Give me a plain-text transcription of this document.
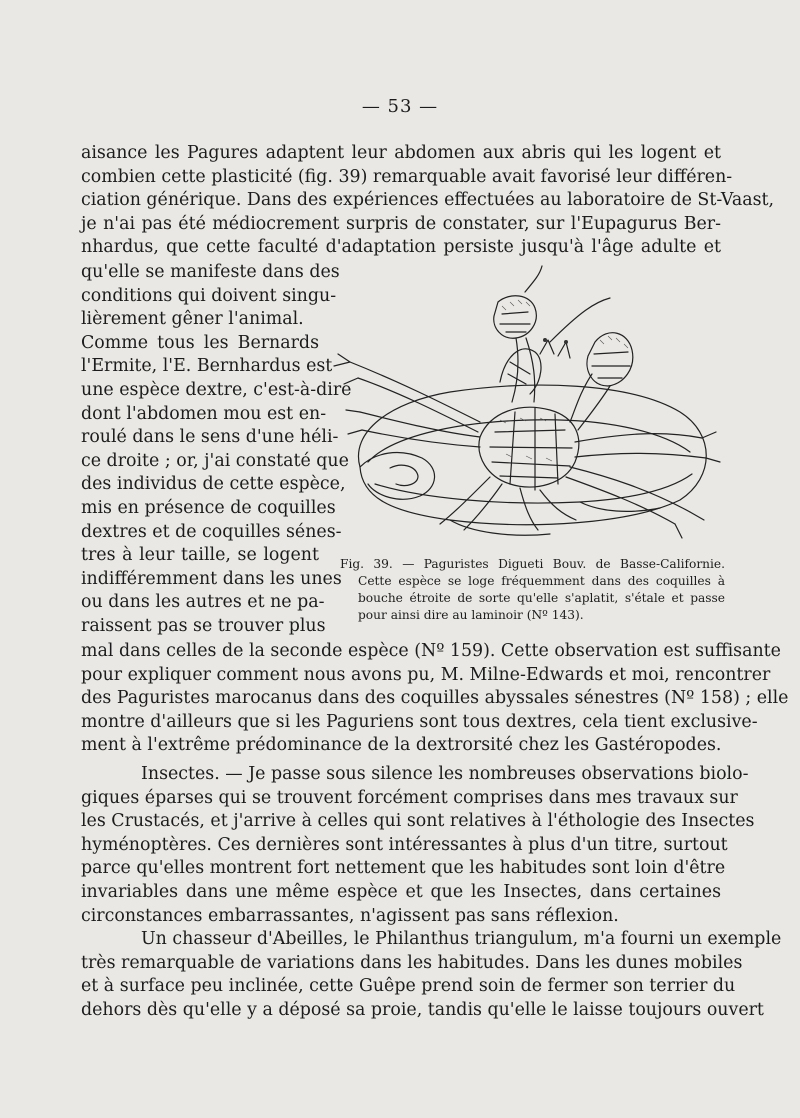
— 53 —
aisance les Pagures adaptent leur abdomen aux abris qui les logent et
combien cette plasticité (fig. 39) remarquable avait favorisé leur différen-
ciation générique. Dans des expériences effectuées au laboratoire de St-Vaast,
je n'ai pas été médiocrement surpris de constater, sur l'Eupagurus Ber-
nhardus, que cette faculté d'adaptation persiste jusqu'à l'âge adulte et
qu'elle se manifeste dans des
conditions qui doivent singu-
lièrement gêner l'animal.
Comme tous les Bernards
l'Ermite, l'E. Bernhardus est
une espèce dextre, c'est-à-dire
dont l'abdomen mou est en-
roulé dans le sens d'une héli-
ce droite ; or, j'ai constaté que
des individus de cette espèce,
mis en présence de coquilles
dextres et de coquilles sénes-
tres à leur taille, se logent
indifféremment dans les unes
ou dans les autres et ne pa-
raissent pas se trouver plus
Fig. 39. — Paguristes Digueti Bouv. de Basse-Californie.
Cette espèce se loge fréquemment dans des coquilles à
bouche étroite de sorte qu'elle s'aplatit, s'étale et passe
pour ainsi dire au laminoir (Nº 143).
mal dans celles de la seconde espèce (Nº 159). Cette observation est suffisante
pour expliquer comment nous avons pu, M. Milne-Edwards et moi, rencontrer
des Paguristes marocanus dans des coquilles abyssales sénestres (Nº 158) ; elle
montre d'ailleurs que si les Paguriens sont tous dextres, cela tient exclusive-
ment à l'extrême prédominance de la dextrorsité chez les Gastéropodes.
Insectes. — Je passe sous silence les nombreuses observations biolo-
giques éparses qui se trouvent forcément comprises dans mes travaux sur
les Crustacés, et j'arrive à celles qui sont relatives à l'éthologie des Insectes
hyménoptères. Ces dernières sont intéressantes à plus d'un titre, surtout
parce qu'elles montrent fort nettement que les habitudes sont loin d'être
invariables dans une même espèce et que les Insectes, dans certaines
circonstances embarrassantes, n'agissent pas sans réflexion.
Un chasseur d'Abeilles, le Philanthus triangulum, m'a fourni un exemple
très remarquable de variations dans les habitudes. Dans les dunes mobiles
et à surface peu inclinée, cette Guêpe prend soin de fermer son terrier du
dehors dès qu'elle y a déposé sa proie, tandis qu'elle le laisse toujours ouvert
